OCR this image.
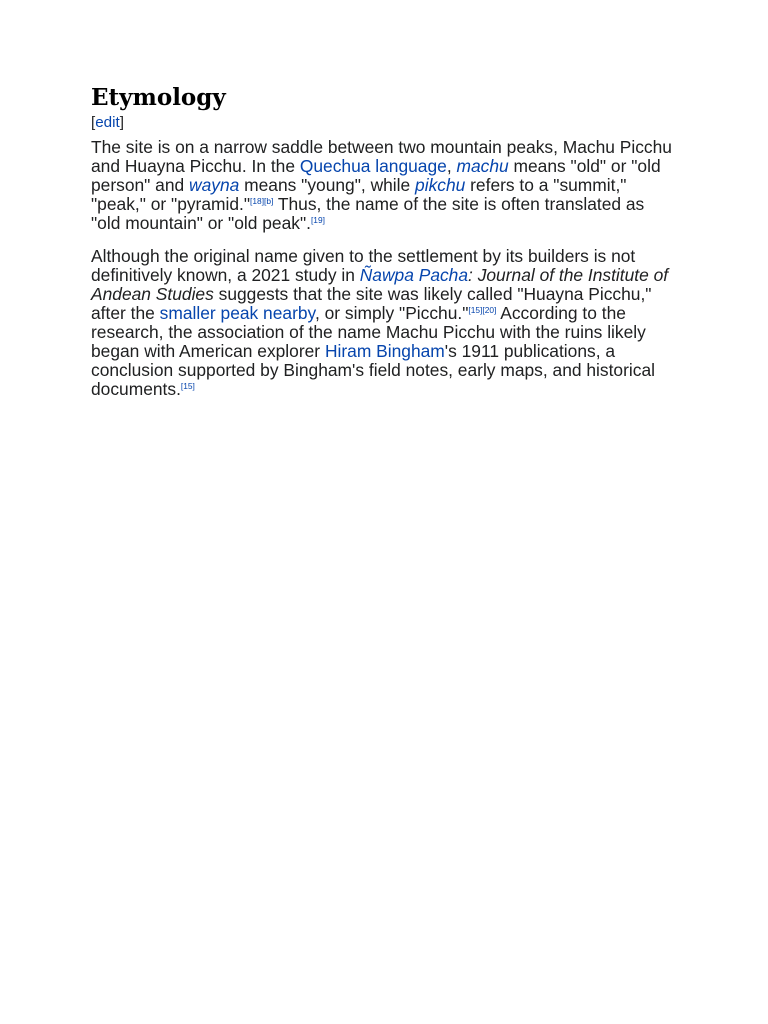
Etymology
[edit]

The site is on a narrow saddle between two mountain peaks, Machu Picchu and Huayna Picchu. In the Quechua language, machu means "old" or "old person" and wayna means "young", while pikchu refers to a "summit," "peak," or "pyramid."[18][b] Thus, the name of the site is often translated as "old mountain" or "old peak".[19]

Although the original name given to the settlement by its builders is not definitively known, a 2021 study in Ñawpa Pacha: Journal of the Institute of Andean Studies suggests that the site was likely called "Huayna Picchu," after the smaller peak nearby, or simply "Picchu."[15][20] According to the research, the association of the name Machu Picchu with the ruins likely began with American explorer Hiram Bingham's 1911 publications, a conclusion supported by Bingham's field notes, early maps, and historical documents.[15]
